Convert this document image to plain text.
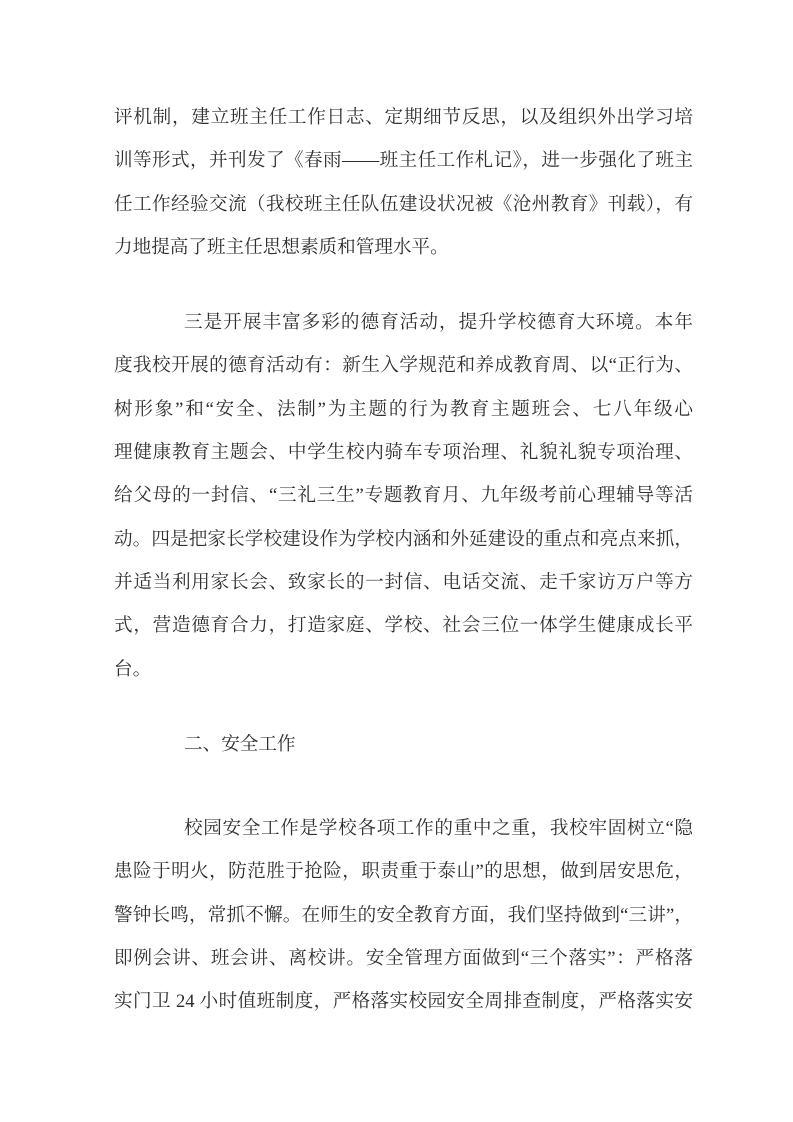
评机制，建立班主任工作日志、定期细节反思，以及组织外出学习培
训等形式，并刊发了《春雨——班主任工作札记》，进一步强化了班主
任工作经验交流（我校班主任队伍建设状况被《沧州教育》刊载），有
力地提高了班主任思想素质和管理水平。
三是开展丰富多彩的德育活动，提升学校德育大环境。本年
度我校开展的德育活动有：新生入学规范和养成教育周、以“正行为、
树形象”和“安全、法制”为主题的行为教育主题班会、七八年级心
理健康教育主题会、中学生校内骑车专项治理、礼貌礼貌专项治理、
给父母的一封信、“三礼三生”专题教育月、九年级考前心理辅导等活
动。四是把家长学校建设作为学校内涵和外延建设的重点和亮点来抓，
并适当利用家长会、致家长的一封信、电话交流、走千家访万户等方
式，营造德育合力，打造家庭、学校、社会三位一体学生健康成长平
台。
二、安全工作
校园安全工作是学校各项工作的重中之重，我校牢固树立“隐
患险于明火，防范胜于抢险，职责重于泰山”的思想，做到居安思危，
警钟长鸣，常抓不懈。在师生的安全教育方面，我们坚持做到“三讲”，
即例会讲、班会讲、离校讲。安全管理方面做到“三个落实”：严格落
实门卫 24 小时值班制度，严格落实校园安全周排查制度，严格落实安
